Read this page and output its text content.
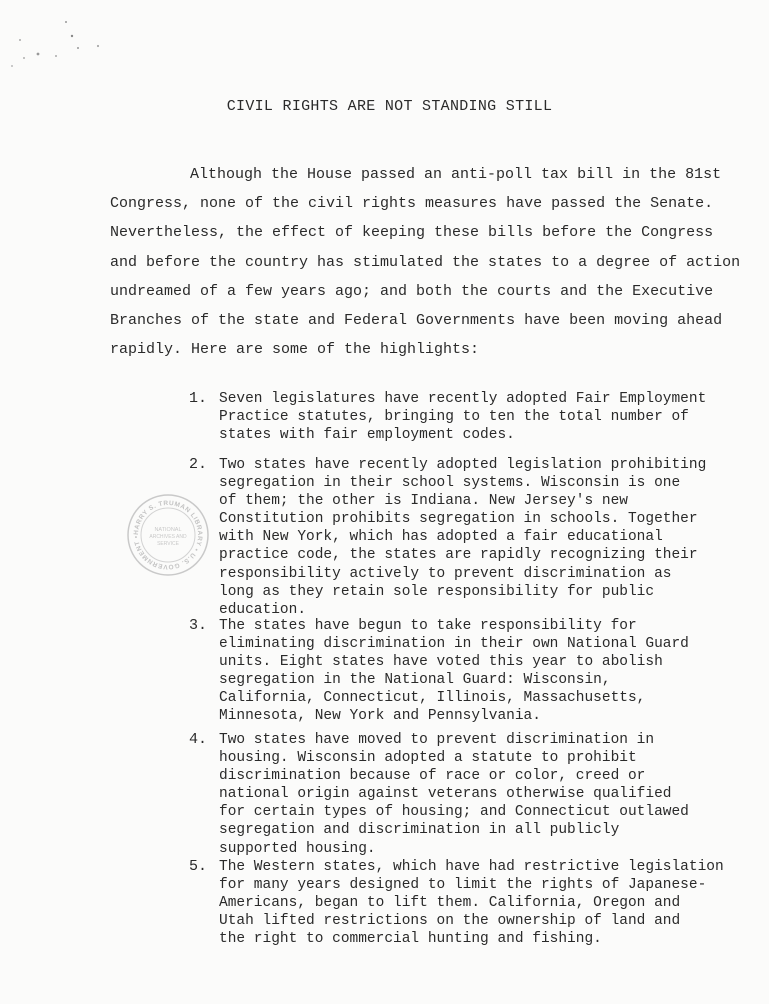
CIVIL RIGHTS ARE NOT STANDING STILL
Although the House passed an anti-poll tax bill in the 81st
Congress, none of the civil rights measures have passed the Senate.
Nevertheless, the effect of keeping these bills before the Congress
and before the country has stimulated the states to a degree of action
undreamed of a few years ago; and both the courts and the Executive
Branches of the state and Federal Governments have been moving ahead
rapidly. Here are some of the highlights:
1. Seven legislatures have recently adopted Fair Employment
Practice statutes, bringing to ten the total number of
states with fair employment codes.
2. Two states have recently adopted legislation prohibiting
segregation in their school systems. Wisconsin is one
of them; the other is Indiana. New Jersey's new
Constitution prohibits segregation in schools. Together
with New York, which has adopted a fair educational
practice code, the states are rapidly recognizing their
responsibility actively to prevent discrimination as
long as they retain sole responsibility for public
education.
3. The states have begun to take responsibility for
eliminating discrimination in their own National Guard
units. Eight states have voted this year to abolish
segregation in the National Guard: Wisconsin,
California, Connecticut, Illinois, Massachusetts,
Minnesota, New York and Pennsylvania.
4. Two states have moved to prevent discrimination in
housing. Wisconsin adopted a statute to prohibit
discrimination because of race or color, creed or
national origin against veterans otherwise qualified
for certain types of housing; and Connecticut outlawed
segregation and discrimination in all publicly
supported housing.
5. The Western states, which have had restrictive legislation
for many years designed to limit the rights of Japanese-
Americans, began to lift them. California, Oregon and
Utah lifted restrictions on the ownership of land and
the right to commercial hunting and fishing.
HARRY S. TRUMAN LIBRARY • U.S. GOVERNMENT •
NATIONAL
ARCHIVES AND
SERVICE
